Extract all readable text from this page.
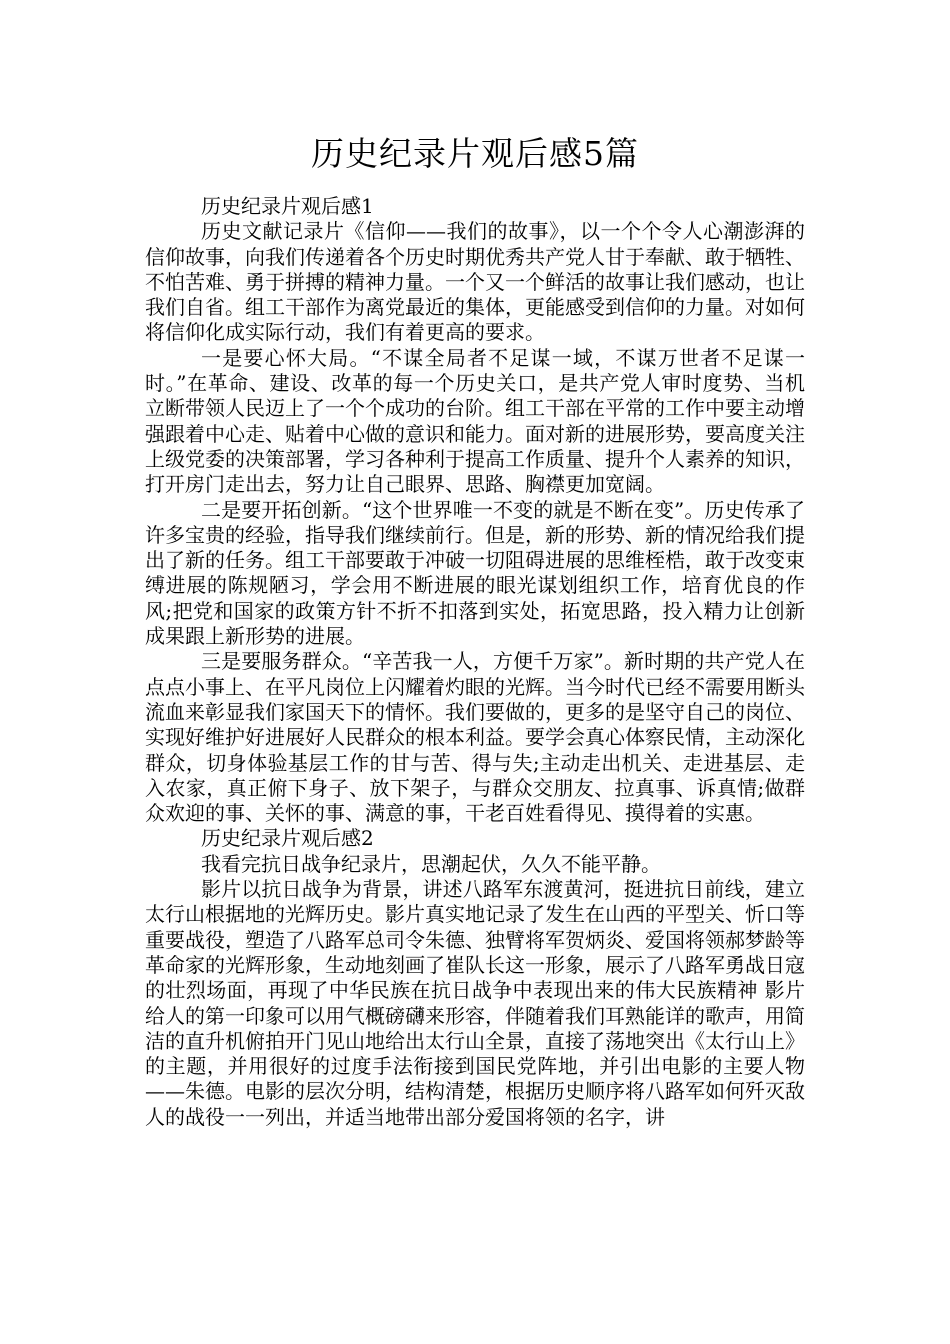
历史纪录片观后感5篇

历史纪录片观后感1

历史文献记录片《信仰——我们的故事》，以一个个令人心潮澎湃的信仰故事，向我们传递着各个历史时期优秀共产党人甘于奉献、敢于牺牲、不怕苦难、勇于拼搏的精神力量。一个又一个鲜活的故事让我们感动，也让我们自省。组工干部作为离党最近的集体，更能感受到信仰的力量。对如何将信仰化成实际行动，我们有着更高的要求。

一是要心怀大局。“不谋全局者不足谋一域，不谋万世者不足谋一时。”在革命、建设、改革的每一个历史关口，是共产党人审时度势、当机立断带领人民迈上了一个个成功的台阶。组工干部在平常的工作中要主动增强跟着中心走、贴着中心做的意识和能力。面对新的进展形势，要高度关注上级党委的决策部署，学习各种利于提高工作质量、提升个人素养的知识，打开房门走出去，努力让自己眼界、思路、胸襟更加宽阔。

二是要开拓创新。“这个世界唯一不变的就是不断在变”。历史传承了许多宝贵的经验，指导我们继续前行。但是，新的形势、新的情况给我们提出了新的任务。组工干部要敢于冲破一切阻碍进展的思维桎梏，敢于改变束缚进展的陈规陋习，学会用不断进展的眼光谋划组织工作，培育优良的作风;把党和国家的政策方针不折不扣落到实处，拓宽思路，投入精力让创新成果跟上新形势的进展。

三是要服务群众。“辛苦我一人，方便千万家”。新时期的共产党人在点点小事上、在平凡岗位上闪耀着灼眼的光辉。当今时代已经不需要用断头流血来彰显我们家国天下的情怀。我们要做的，更多的是坚守自己的岗位、实现好维护好进展好人民群众的根本利益。要学会真心体察民情，主动深化群众，切身体验基层工作的甘与苦、得与失;主动走出机关、走进基层、走入农家，真正俯下身子、放下架子，与群众交朋友、拉真事、诉真情;做群众欢迎的事、关怀的事、满意的事，干老百姓看得见、摸得着的实惠。

历史纪录片观后感2

我看完抗日战争纪录片，思潮起伏，久久不能平静。

影片以抗日战争为背景，讲述八路军东渡黄河，挺进抗日前线，建立太行山根据地的光辉历史。影片真实地记录了发生在山西的平型关、忻口等重要战役，塑造了八路军总司令朱德、独臂将军贺炳炎、爱国将领郝梦龄等革命家的光辉形象，生动地刻画了崔队长这一形象，展示了八路军勇战日寇的壮烈场面，再现了中华民族在抗日战争中表现出来的伟大民族精神 影片给人的第一印象可以用气概磅礴来形容，伴随着我们耳熟能详的歌声，用简洁的直升机俯拍开门见山地给出太行山全景，直接了荡地突出《太行山上》的主题，并用很好的过度手法衔接到国民党阵地，并引出电影的主要人物——朱德。电影的层次分明，结构清楚，根据历史顺序将八路军如何歼灭敌人的战役一一列出，并适当地带出部分爱国将领的名字，讲
